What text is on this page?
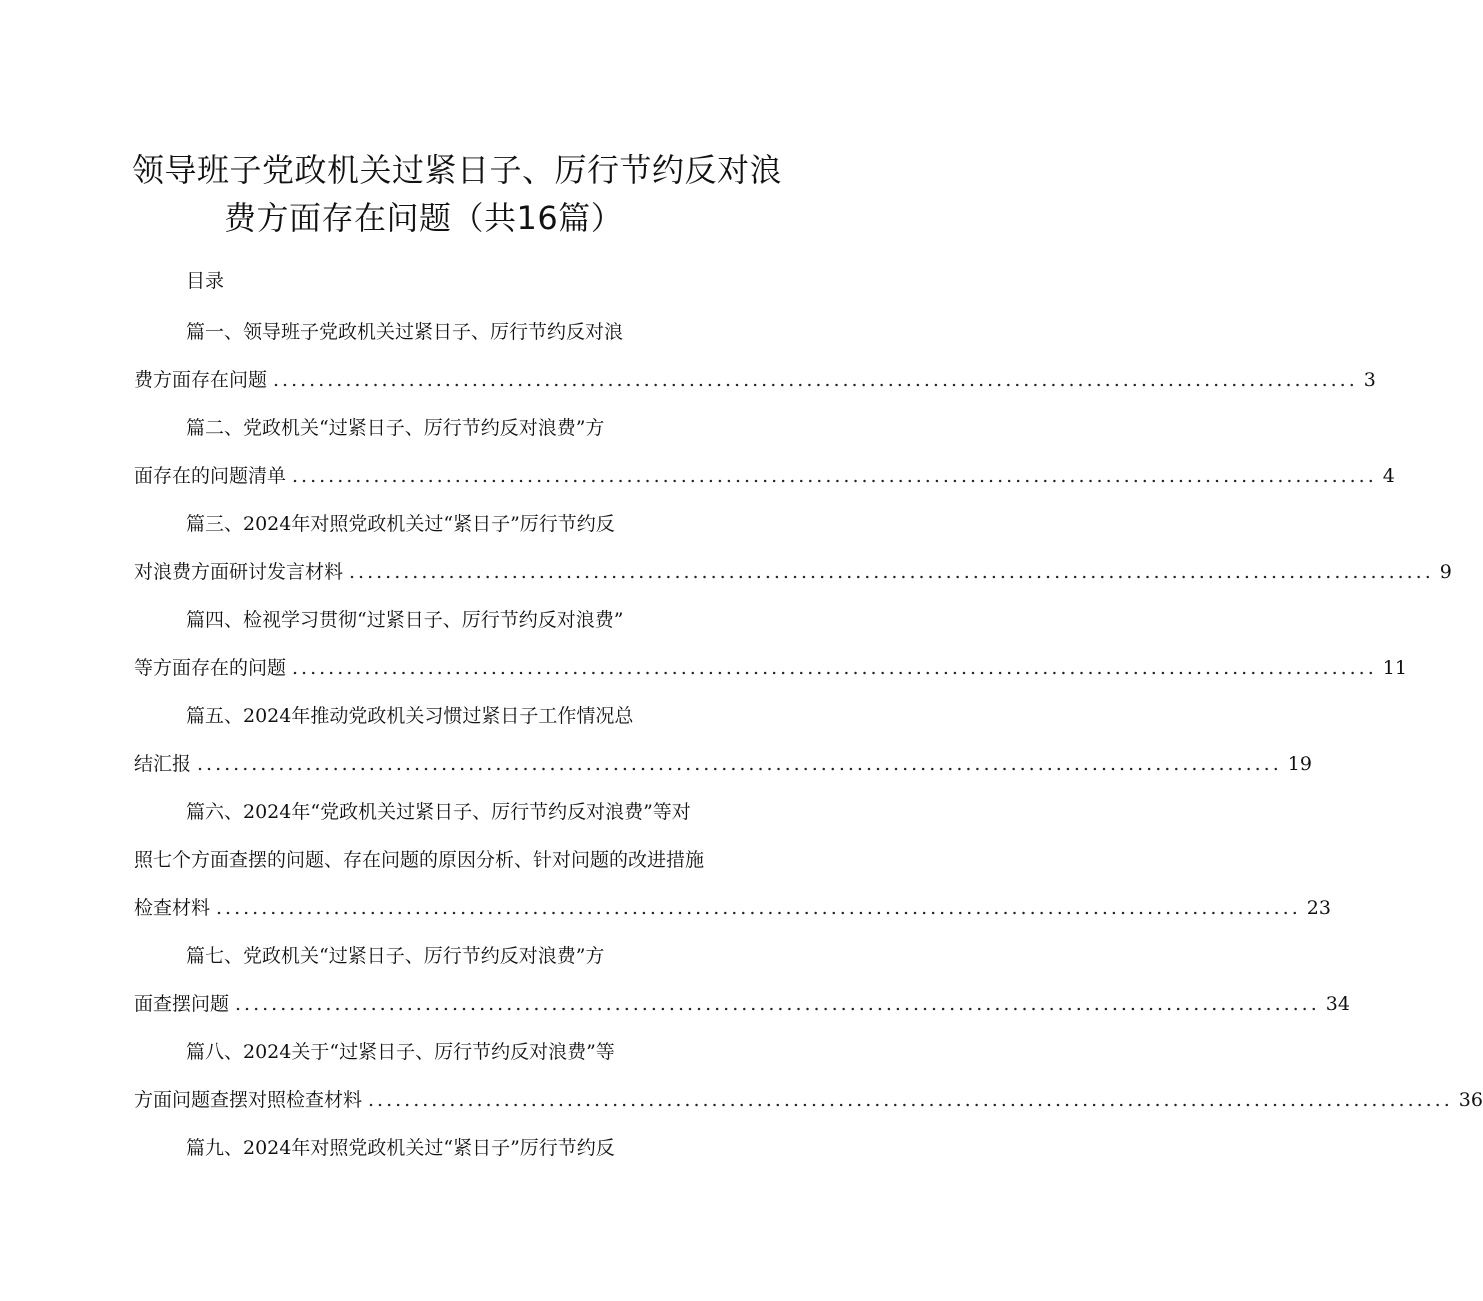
领导班子党政机关过紧日子、厉行节约反对浪
费方面存在问题（共16篇）
目录
篇一、领导班子党政机关过紧日子、厉行节约反对浪
费方面存在问题 ........................................................................................................................ 3
篇二、党政机关“过紧日子、厉行节约反对浪费”方
面存在的问题清单 ........................................................................................................................ 4
篇三、2024年对照党政机关过“紧日子”厉行节约反
对浪费方面研讨发言材料 ........................................................................................................................ 9
篇四、检视学习贯彻“过紧日子、厉行节约反对浪费”
等方面存在的问题 ........................................................................................................................ 11
篇五、2024年推动党政机关习惯过紧日子工作情况总
结汇报 ........................................................................................................................ 19
篇六、2024年“党政机关过紧日子、厉行节约反对浪费”等对
照七个方面查摆的问题、存在问题的原因分析、针对问题的改进措施
检查材料 ........................................................................................................................ 23
篇七、党政机关“过紧日子、厉行节约反对浪费”方
面查摆问题 ........................................................................................................................ 34
篇八、2024关于“过紧日子、厉行节约反对浪费”等
方面问题查摆对照检查材料 ........................................................................................................................ 36
篇九、2024年对照党政机关过“紧日子”厉行节约反
